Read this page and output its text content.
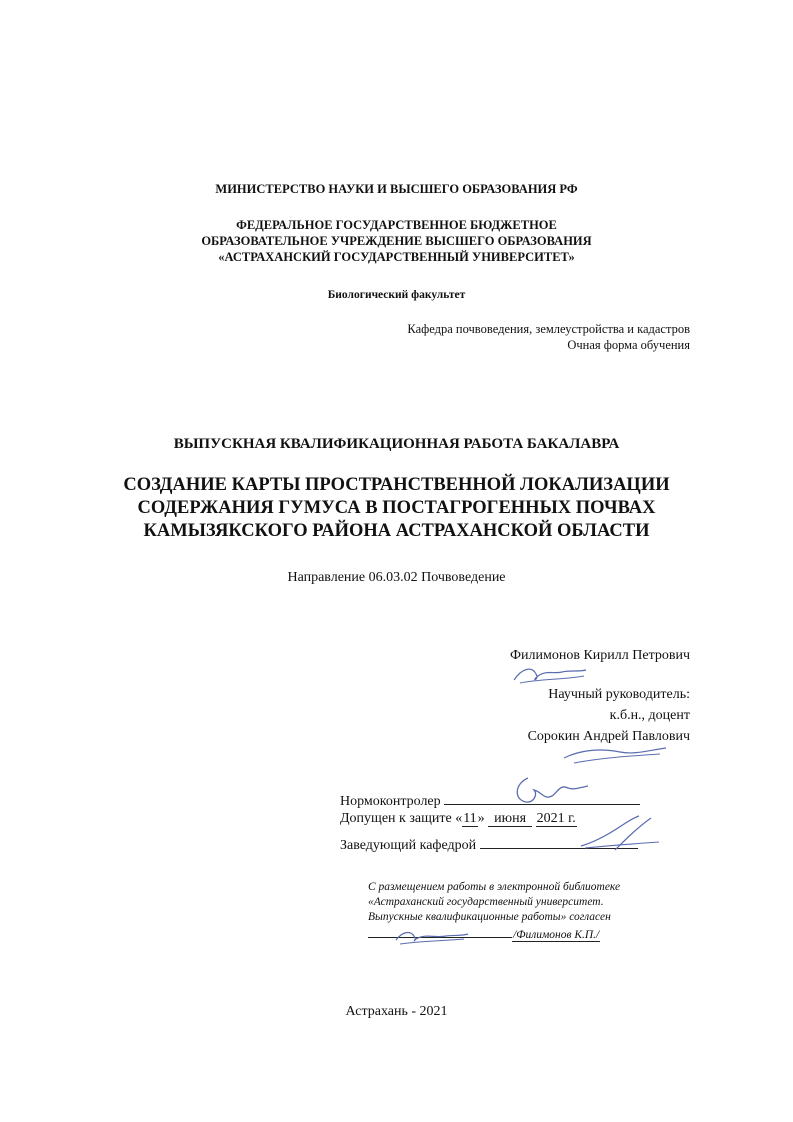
МИНИСТЕРСТВО НАУКИ И ВЫСШЕГО ОБРАЗОВАНИЯ РФ
ФЕДЕРАЛЬНОЕ ГОСУДАРСТВЕННОЕ БЮДЖЕТНОЕ
ОБРАЗОВАТЕЛЬНОЕ УЧРЕЖДЕНИЕ ВЫСШЕГО ОБРАЗОВАНИЯ
«АСТРАХАНСКИЙ ГОСУДАРСТВЕННЫЙ УНИВЕРСИТЕТ»
Биологический факультет
Кафедра почвоведения, землеустройства и кадастров
Очная форма обучения
ВЫПУСКНАЯ КВАЛИФИКАЦИОННАЯ РАБОТА БАКАЛАВРА
СОЗДАНИЕ КАРТЫ ПРОСТРАНСТВЕННОЙ ЛОКАЛИЗАЦИИ
СОДЕРЖАНИЯ ГУМУСА В ПОСТАГРОГЕННЫХ ПОЧВАХ
КАМЫЗЯКСКОГО РАЙОНА АСТРАХАНСКОЙ ОБЛАСТИ
Направление 06.03.02 Почвоведение
Филимонов Кирилл Петрович
Научный руководитель:
к.б.н., доцент
Сорокин Андрей Павлович
Нормоконтролер
Допущен к защите «11» июня 2021 г.
Заведующий кафедрой
С размещением работы в электронной библиотеке
«Астраханский государственный университет.
Выпускные квалификационные работы» согласен
/Филимонов К.П./
Астрахань - 2021
